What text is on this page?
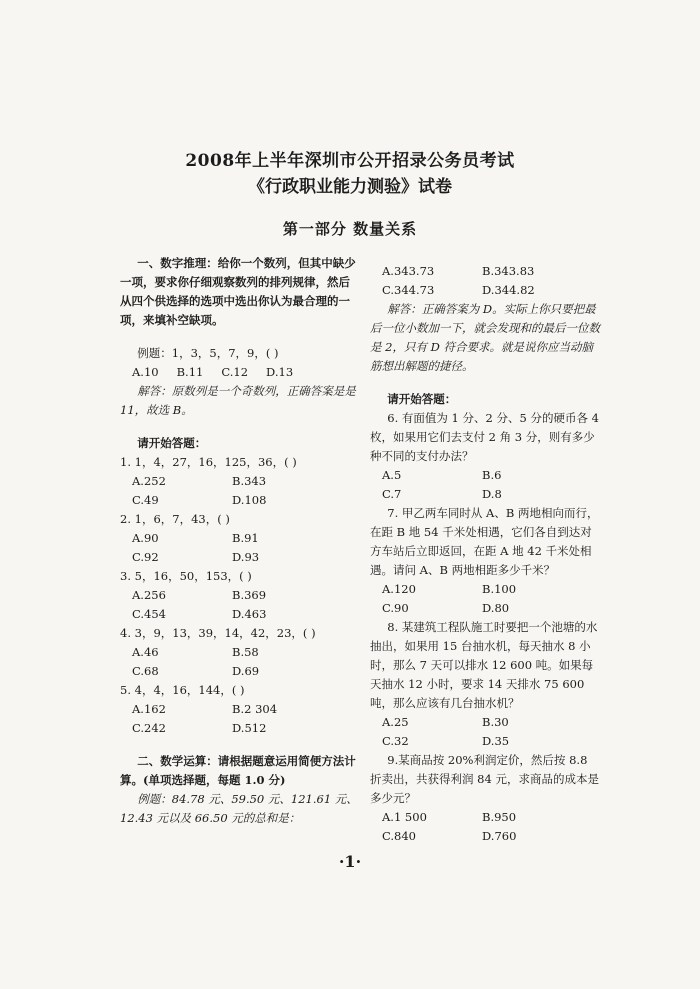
2008年上半年深圳市公开招录公务员考试
《行政职业能力测验》试卷
第一部分 数量关系

一、数字推理：给你一个数列，但其中缺少一项，要求你仔细观察数列的排列规律，然后从四个供选择的选项中选出你认为最合理的一项，来填补空缺项。

例题：1，3，5，7，9，( )

A.10 B.11 C.12 D.13

解答：原数列是一个奇数列，正确答案是是 11，故选 B。

请开始答题：

1. 1，4，27，16，125，36，( )

A.252	B.343
C.49	D.108

2. 1，6，7，43，( )

A.90	B.91
C.92	D.93

3. 5，16，50，153，( )

A.256	B.369
C.454	D.463

4. 3，9，13，39，14，42，23，( )

A.46	B.58
C.68	D.69

5. 4，4，16，144，( )

A.162	B.2 304
C.242	D.512

二、数学运算：请根据题意运用简便方法计算。(单项选择题，每题 1.0 分)

例题：84.78 元、59.50 元、121.61 元、12.43 元以及 66.50 元的总和是：

A.343.73	B.343.83
C.344.73	D.344.82

解答：正确答案为 D。实际上你只要把最后一位小数加一下，就会发现和的最后一位数是 2，只有 D 符合要求。就是说你应当动脑筋想出解题的捷径。

请开始答题：

6. 有面值为 1 分、2 分、5 分的硬币各 4 枚，如果用它们去支付 2 角 3 分，则有多少种不同的支付办法？

A.5	B.6
C.7	D.8

7. 甲乙两车同时从 A、B 两地相向而行，在距 B 地 54 千米处相遇，它们各自到达对方车站后立即返回，在距 A 地 42 千米处相遇。请问 A、B 两地相距多少千米？

A.120	B.100
C.90	D.80

8. 某建筑工程队施工时要把一个池塘的水抽出，如果用 15 台抽水机，每天抽水 8 小时，那么 7 天可以排水 12 600 吨。如果每天抽水 12 小时，要求 14 天排水 75 600 吨，那么应该有几台抽水机？

A.25	B.30
C.32	D.35

9.某商品按 20%利润定价，然后按 8.8 折卖出，共获得利润 84 元，求商品的成本是多少元？

A.1 500	B.950
C.840	D.760
·1·
